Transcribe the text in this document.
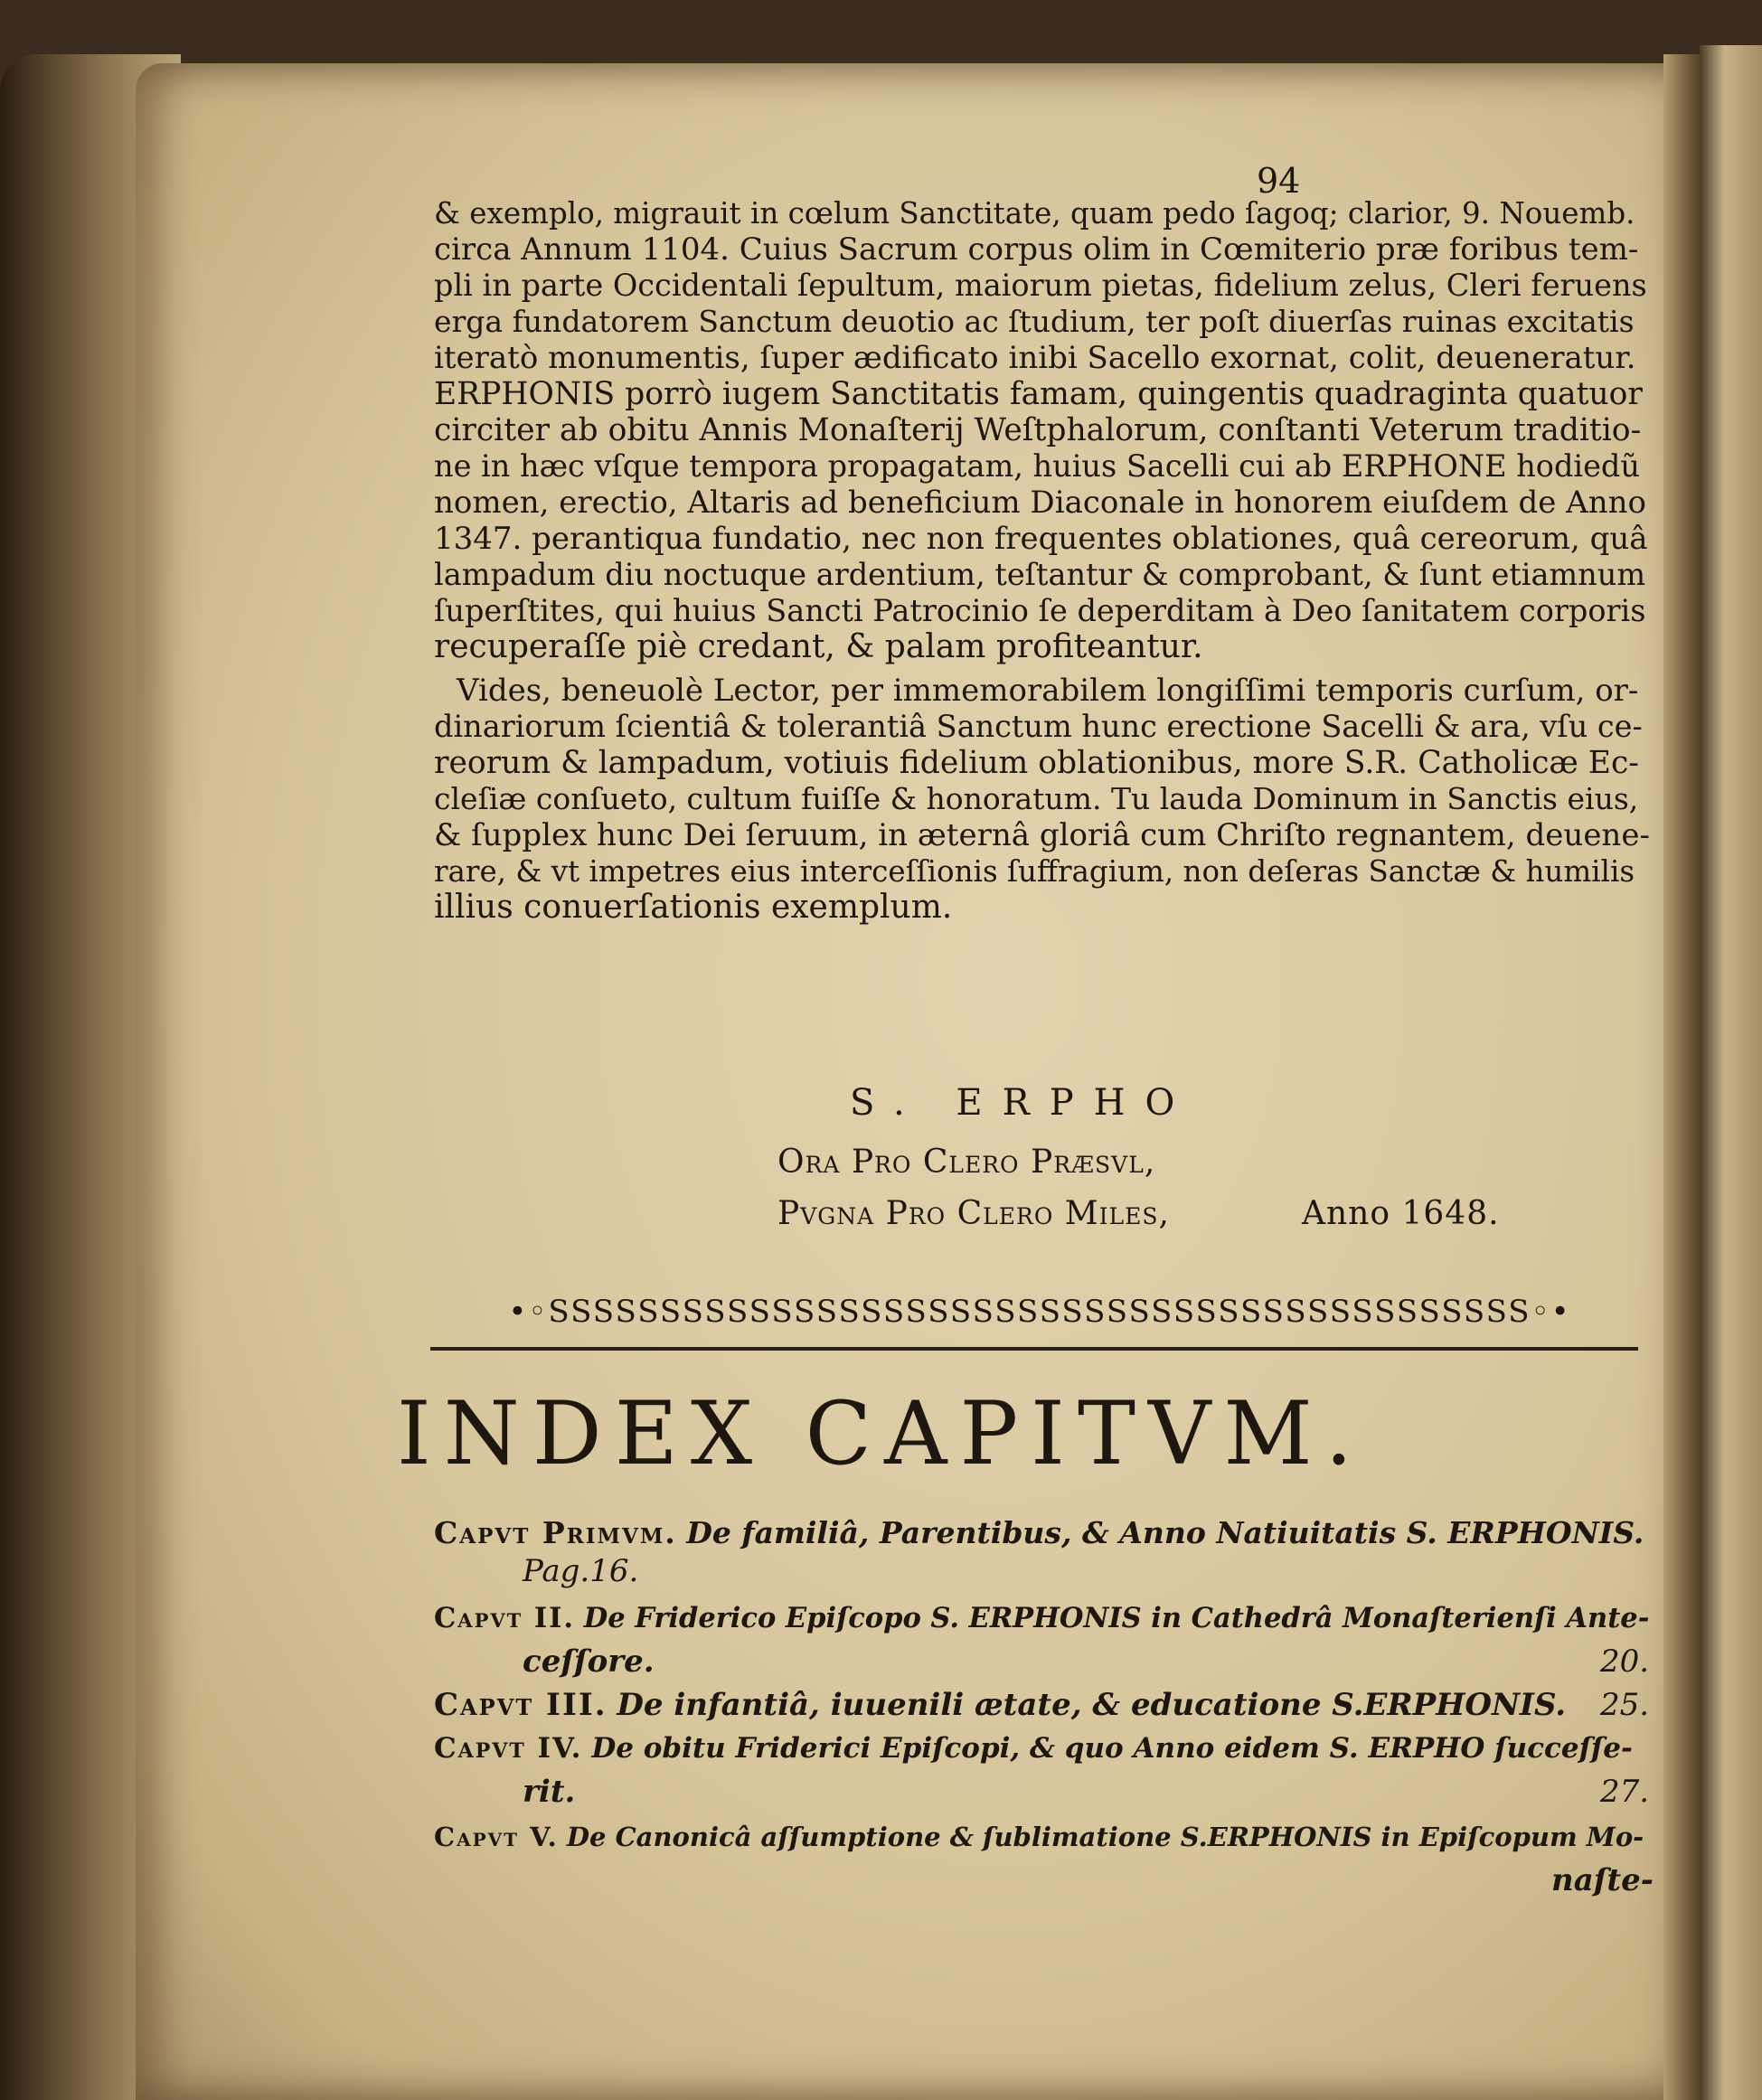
94
& exemplo, migrauit in cœlum Sanctitate, quam pedo ſagoq; clarior, 9. Nouemb.
circa Annum 1104. Cuius Sacrum corpus olim in Cœmiterio præ foribus tem-
pli in parte Occidentali ſepultum, maiorum pietas, fidelium zelus, Cleri feruens
erga fundatorem Sanctum deuotio ac ſtudium, ter poſt diuerſas ruinas excitatis
iteratò monumentis, ſuper ædificato inibi Sacello exornat, colit, deueneratur.
ERPHONIS porrò iugem Sanctitatis famam, quingentis quadraginta quatuor
circiter ab obitu Annis Monaſterij Weſtphalorum, conſtanti Veterum traditio-
ne in hæc vſque tempora propagatam, huius Sacelli cui ab ERPHONE hodiedũ
nomen, erectio, Altaris ad beneficium Diaconale in honorem eiuſdem de Anno
1347. perantiqua fundatio, nec non frequentes oblationes, quâ cereorum, quâ
lampadum diu noctuque ardentium, teſtantur & comprobant, & ſunt etiamnum
ſuperſtites, qui huius Sancti Patrocinio ſe deperditam à Deo ſanitatem corporis
recuperaſſe piè credant, & palam profiteantur.
Vides, beneuolè Lector, per immemorabilem longiſſimi temporis curſum, or-
dinariorum ſcientiâ & tolerantiâ Sanctum hunc erectione Sacelli & ara, vſu ce-
reorum & lampadum, votiuis fidelium oblationibus, more S.R. Catholicæ Ec-
cleſiæ conſueto, cultum fuiſſe & honoratum. Tu lauda Dominum in Sanctis eius,
& ſupplex hunc Dei ſeruum, in æternâ gloriâ cum Chriſto regnantem, deuene-
rare, & vt impetres eius interceſſionis ſuffragium, non deſeras Sanctæ & humilis
illius conuerſationis exemplum.
S. ERPHO
Ora Pro Clero Præsvl,
Pvgna Pro Clero Miles,	Anno 1648.
•◦SSSSSSSSSSSSSSSSSSSSSSSSSSSSSSSSSSSSSSSSSSSS◦•
INDEX CAPITVM.
Capvt Primvm. De familiâ, Parentibus, & Anno Natiuitatis S. ERPHONIS.
Pag.16.
Capvt II. De Friderico Epiſcopo S. ERPHONIS in Cathedrâ Monaſterienſi Ante-
ceſſore.	20.
Capvt III. De infantiâ, iuuenili ætate, & educatione S.ERPHONIS. 25.
Capvt IV. De obitu Friderici Epiſcopi, & quo Anno eidem S. ERPHO ſucceſſe-
rit.	27.
Capvt V. De Canonicâ aſſumptione & ſublimatione S.ERPHONIS in Epiſcopum Mo-
naſte-
